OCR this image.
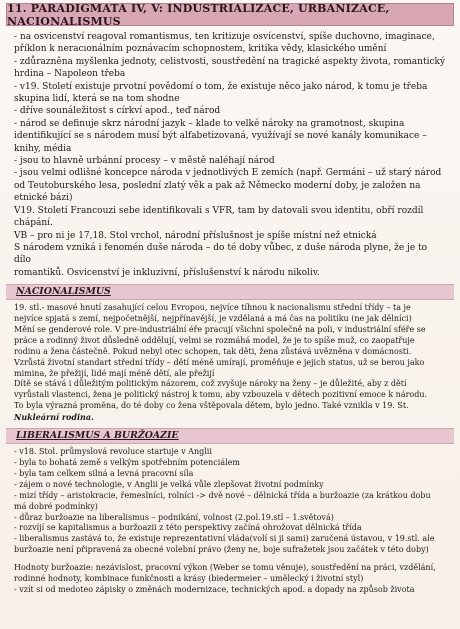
11. PARADIGMATA IV, V: INDUSTRIALIZACE, URBANIZACE, NACIONALISMUS

- na osvicenství reagoval romantismus, ten kritizuje osvícenství, spíše duchovno, imaginace,

příklon k neracıonálním poznávacím schopnostem, kritika vědy, klasického umění

- zdůrazněna myšlenka jednoty, celistvosti, soustředění na tragické aspekty života, romantický

hrdina – Napoleon třeba

- v19. Století existuje prvotní povědomí o tom, že existuje něco jako národ, k tomu je třeba

skupina lidí, která se na tom shodne

- dříve sounáležitost s církví apod., teď národ

- národ se definuje skrz národní jazyk – klade to velké nároky na gramotnost, skupina

identifikující se s národem musí být alfabetizovaná, využívají se nové kanály komunikace –

knihy, média

- jsou to hlavně urbánní procesy – v městě naléhají národ

- jsou velmi odlišné koncepce národa v jednotlivých E zemích (např. Germáni – už starý národ

od Teutoburského lesa, poslední zlatý věk a pak až Německo moderní doby, je založen na

etnické bázi)

V19. Století Francouzi sebe identifikovali s VFR, tam by datovali svou identitu, obří rozdíl

chápání.

VB – pro ni je 17,18. Stol vrchol, národní příslušnost je spíše místní než etnická

S národem vzniká i fenomén duše národa – do té doby vůbec, z duše národa plyne, že je to dílo

romantiků. Osvicenství je inkluzivní, příslušenství k národu nikoliv.

NACIONALISMUS

19. stl.- masové hnutí zasahující celou Evropou, nejvíce tíhnou k nacionalismu střední třídy – ta je

nejvíce spjatá s zemí, nejpočetnější, nejpřínavější, je vzdělaná a má čas na politiku (ne jak dělníci)

Mění se genderové role. V pre-industriální éře pracují všichni společně na poli, v industriální sféře se

práce a rodinný život důsledně oddělují, velmi se rozmáhá model, že je to spíše muž, co zaopatřuje

rodinu a žena částečně. Pokud nebyl otec schopen, tak děti, žena zůstává uvězněna v domácnosti.

Vzrůstá životní standart střední třídy – dětí méně umírají, proměňuje e jejich status, už se berou jako

mimina, že přežijí, lidé mají méně dětí, ale přežijí

Dítě se stává i důležitým politickým názorem, což zvyšuje nároky na ženy – je důležité, aby z dětí

vyrůstali vlastenci, žena je politický nástroj k tomu, aby vzbouzela v dětech pozitivní emoce k národu.

To byla výrazná proměna, do té doby co žena vštěpovala dětem, bylo jedno. Také vznikla v 19. St.

Nukleární rodina.

LIBERALISMUS A BURŽOAZIE

- v18. Stol. průmyslová revoluce startuje v Anglii

- byla to bohatá země s velkým spotřebním potenciálem

- byla tam celkem silná a levná pracovní síla

- zájem o nové technologie, v Anglii je velká vůle zlepšovat životní podmínky

- mizí třídy – aristokracie, řemeslníci, rolníci -> dvě nové – dělnická třída a buržoazie (za krátkou dobu

má dobré podmínky)

- důraz buržoazie na liberalismus – podnikání, volnost (2.pol.19.stl – 1.světová)

- rozvíjí se kapitalismus a buržoazii z této perspektivy začíná ohrožovat dělnická třída

- liberalismus zastává to, že existuje reprezentativní vláda(volí si ji sami) zaručená ústavou, v 19.stl. ale

buržoazie není připravená za obecné volební právo (ženy ne, boje sufražetek jsou začátek v této doby)

Hodnoty buržoazie: nezávislost, pracovní výkon (Weber se tomu věnuje), soustředění na práci, vzdělání,

rodinné hodnoty, kombinace funkčnosti a krásy (biedermeier – umělecký i životní styl)

- vzít si od medoteo zápisky o změnách modernizace, technických apod. a dopady na způsob života
